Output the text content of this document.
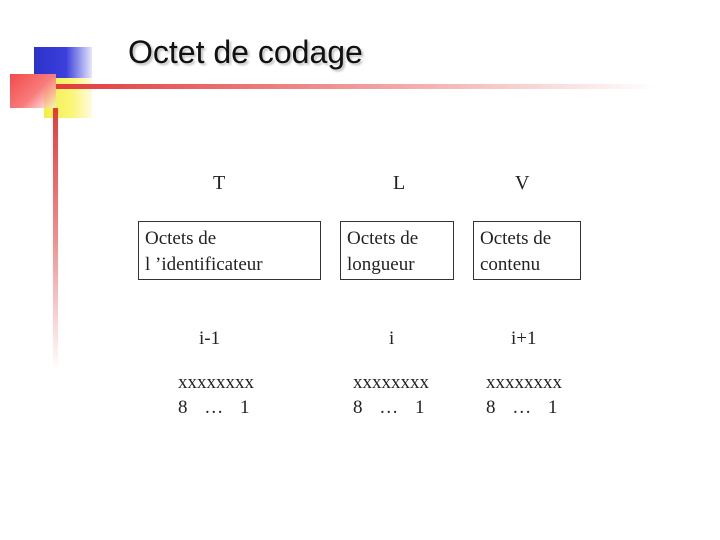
Octet de codage
T
Octets de
l ’identificateur
i-1
xxxxxxxx
8 … 1
L
Octets de
longueur
i
xxxxxxxx
8 … 1
V
Octets de
contenu
i+1
xxxxxxxx
8 … 1
